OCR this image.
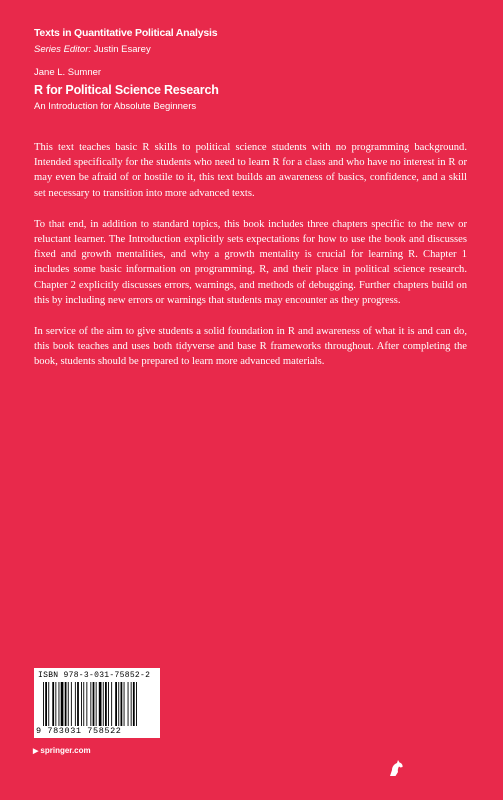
Texts in Quantitative Political Analysis
Series Editor: Justin Esarey
Jane L. Sumner
R for Political Science Research
An Introduction for Absolute Beginners

This text teaches basic R skills to political science students with no programming background. Intended specifically for the students who need to learn R for a class and who have no interest in R or may even be afraid of or hostile to it, this text builds an awareness of basics, confidence, and a skill set necessary to transition into more advanced texts.

To that end, in addition to standard topics, this book includes three chapters specific to the new or reluctant learner. The Introduction explicitly sets expectations for how to use the book and discusses fixed and growth mentalities, and why a growth mentality is crucial for learning R. Chapter 1 includes some basic information on programming, R, and their place in political science research. Chapter 2 explicitly discusses errors, warnings, and methods of debugging. Further chapters build on this by including new errors or warnings that students may encounter as they progress.

In service of the aim to give students a solid foundation in R and awareness of what it is and can do, this book teaches and uses both tidyverse and base R frameworks throughout. After completing the book, students should be prepared to learn more advanced materials.

ISBN 978-3-031-75852-2
9 783031 758522
▶ springer.com
